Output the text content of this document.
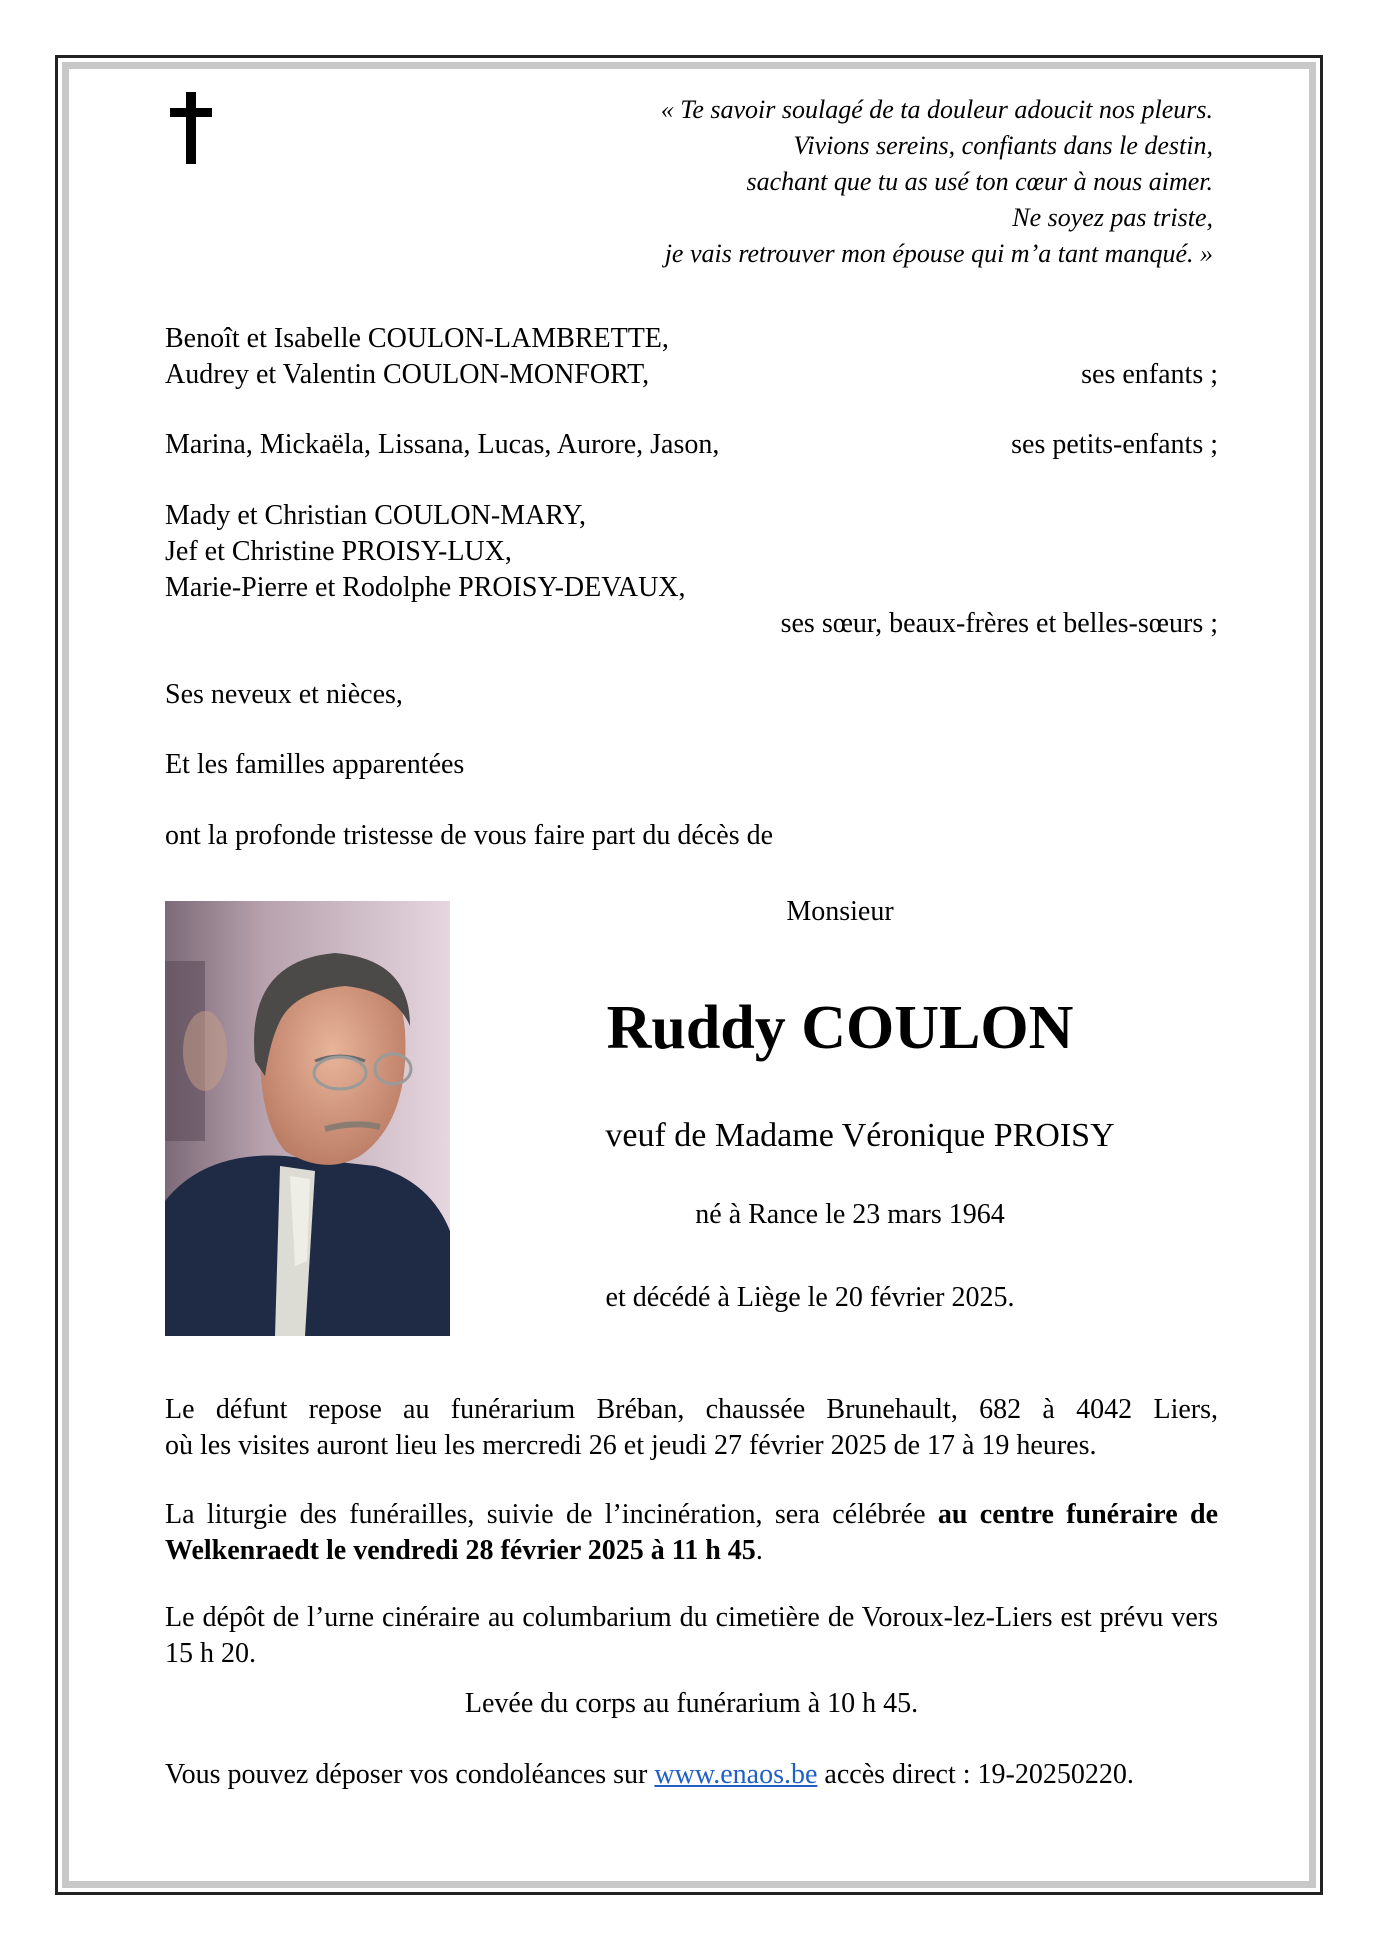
« Te savoir soulagé de ta douleur adoucit nos pleurs.
Vivions sereins, confiants dans le destin,
sachant que tu as usé ton cœur à nous aimer.
Ne soyez pas triste,
je vais retrouver mon épouse qui m’a tant manqué. »
Benoît et Isabelle COULON-LAMBRETTE,
Audrey et Valentin COULON-MONFORT,	ses enfants ;
Marina, Mickaëla, Lissana, Lucas, Aurore, Jason,	ses petits-enfants ;
Mady et Christian COULON-MARY,
Jef et Christine PROISY-LUX,
Marie-Pierre et Rodolphe PROISY-DEVAUX,
ses sœur, beaux-frères et belles-sœurs ;
Ses neveux et nièces,
Et les familles apparentées
ont la profonde tristesse de vous faire part du décès de
Monsieur
Ruddy COULON
veuf de Madame Véronique PROISY
né à Rance le 23 mars 1964
et décédé à Liège le 20 février 2025.
Le défunt repose au funérarium Bréban, chaussée Brunehault, 682 à 4042 Liers,
où les visites auront lieu les mercredi 26 et jeudi 27 février 2025 de 17 à 19 heures.
La liturgie des funérailles, suivie de l’incinération, sera célébrée au centre funéraire de Welkenraedt le vendredi 28 février 2025 à 11 h 45.
Le dépôt de l’urne cinéraire au columbarium du cimetière de Voroux-lez-Liers est prévu vers 15 h 20.
Levée du corps au funérarium à 10 h 45.
Vous pouvez déposer vos condoléances sur www.enaos.be accès direct : 19-20250220.
